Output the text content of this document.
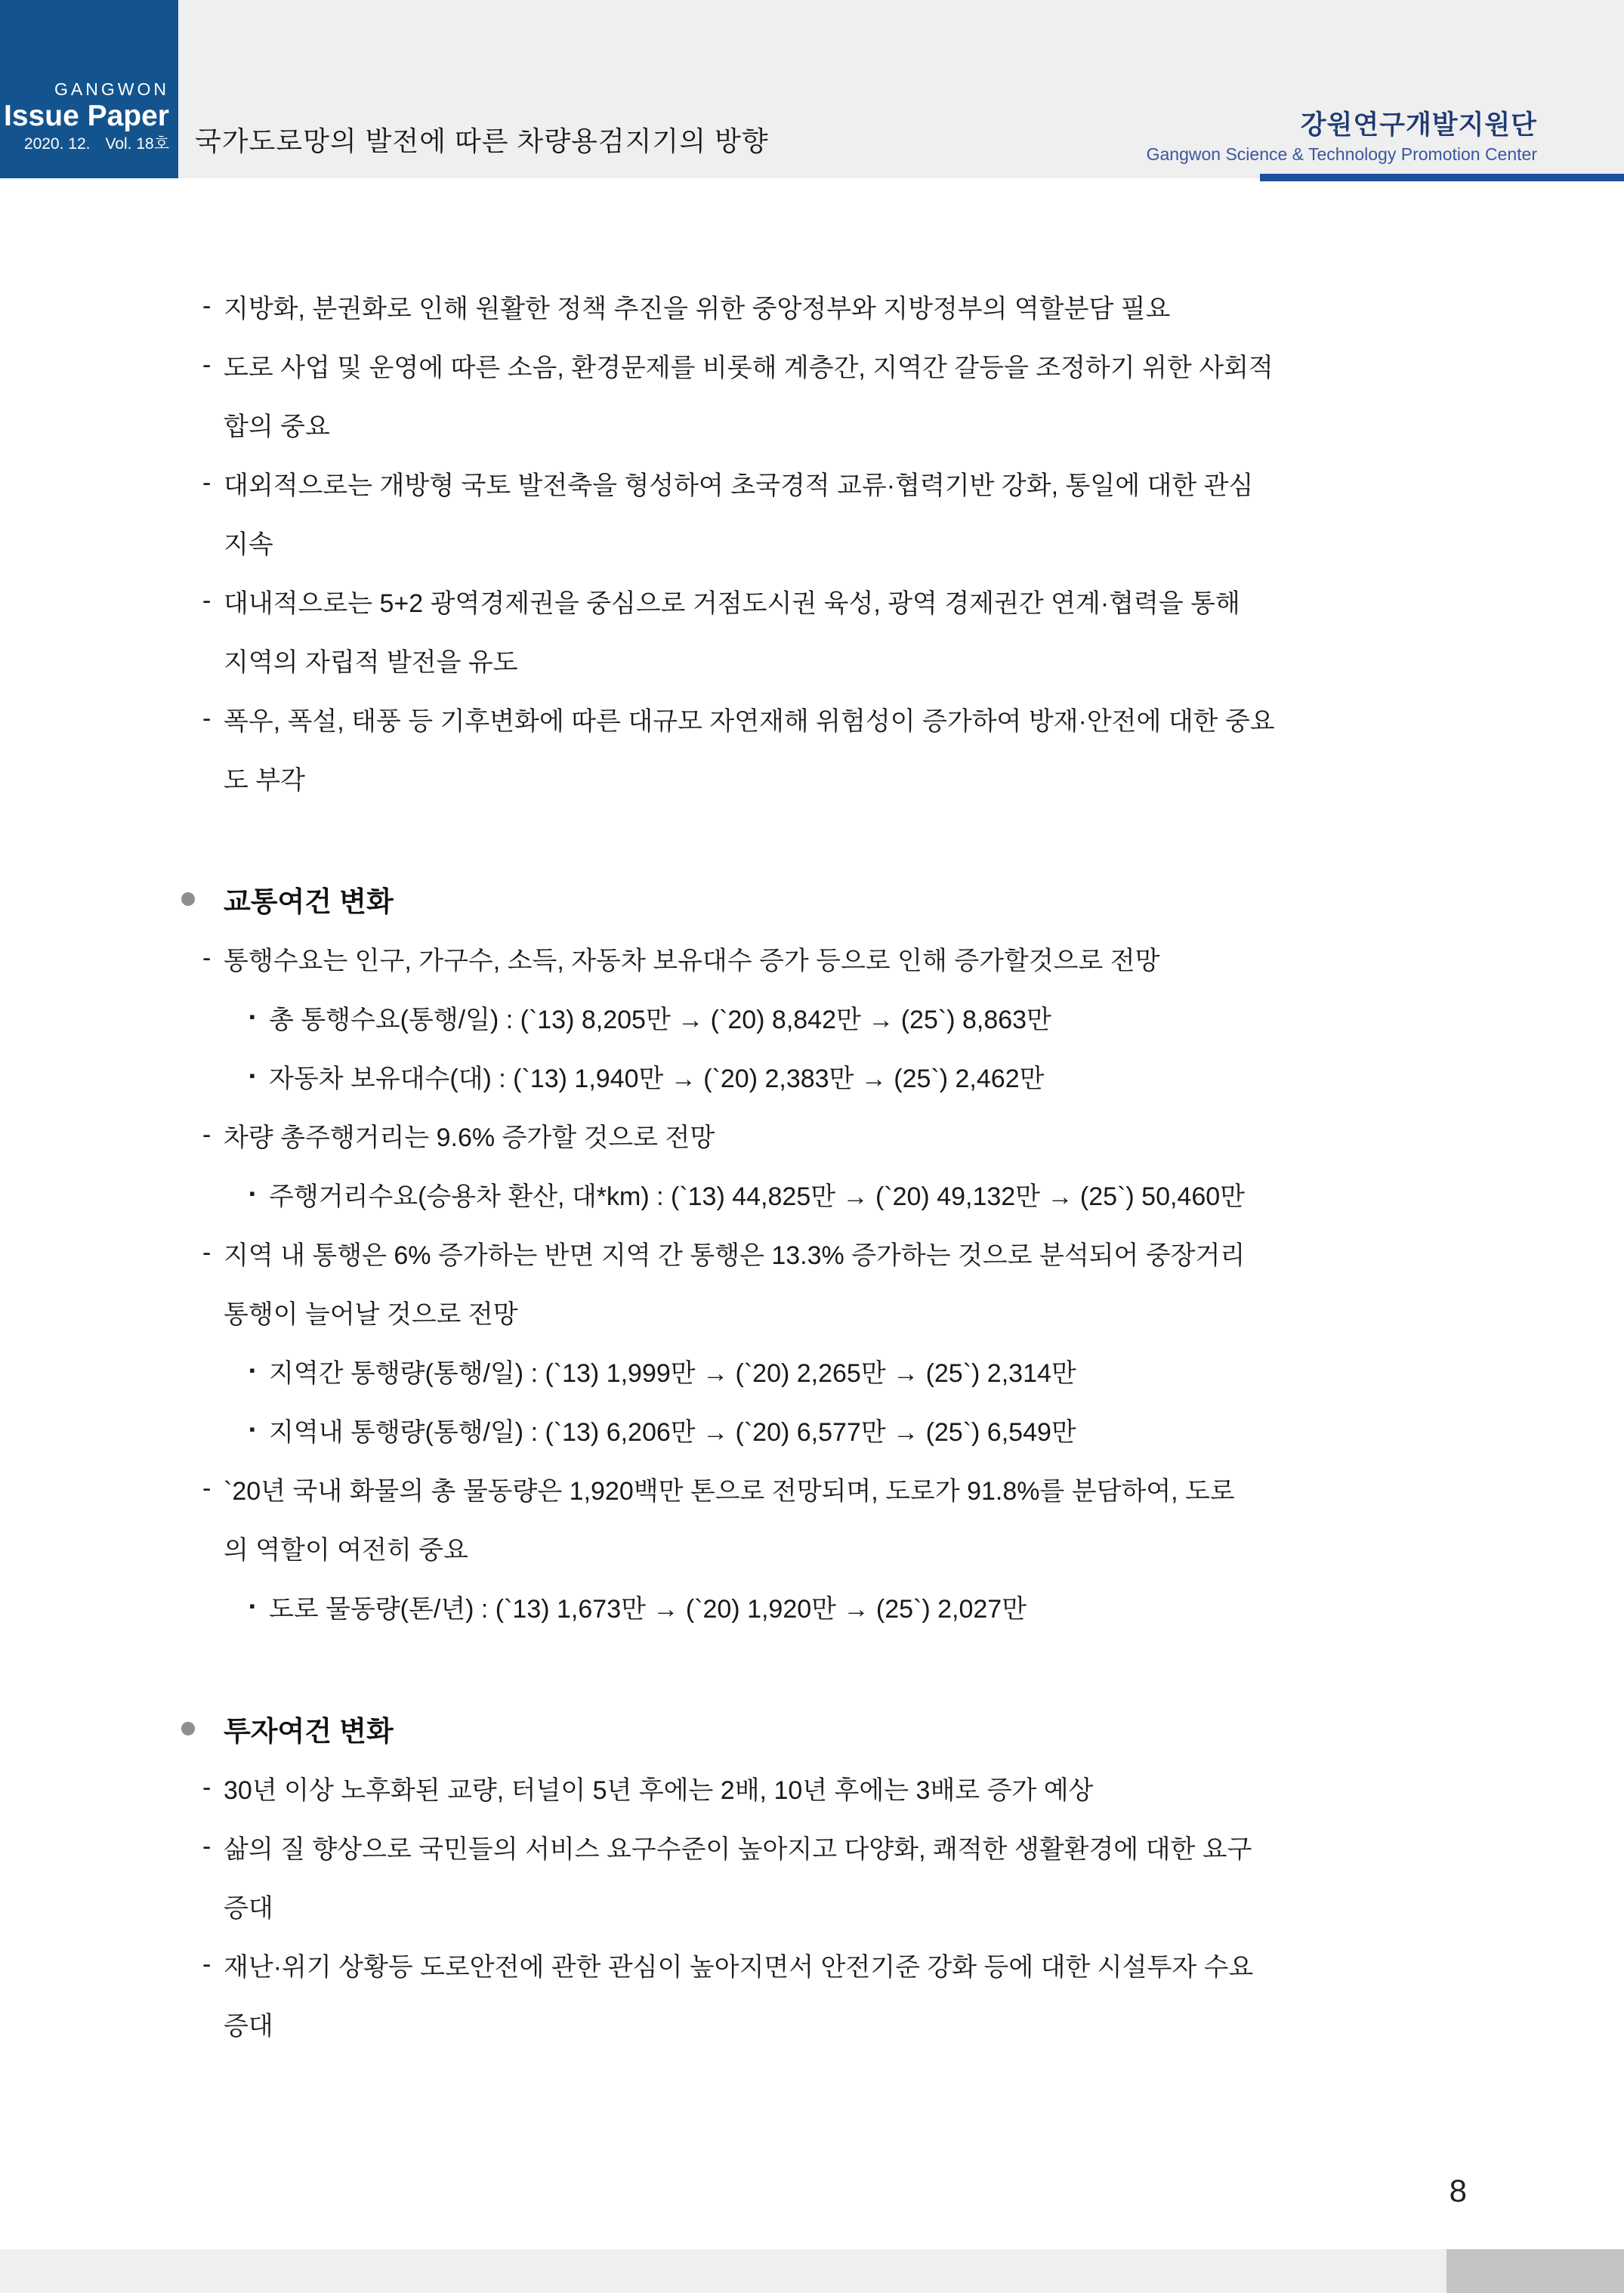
GANGWON
Issue Paper
2020. 12. Vol. 18호 국가도로망의 발전에 따른 차량용검지기의 방향
강원연구개발지원단
Gangwon Science & Technology Promotion Center
- 지방화, 분권화로 인해 원활한 정책 추진을 위한 중앙정부와 지방정부의 역할분담 필요
- 도로 사업 및 운영에 따른 소음, 환경문제를 비롯해 계층간, 지역간 갈등을 조정하기 위한 사회적
합의 중요
- 대외적으로는 개방형 국토 발전축을 형성하여 초국경적 교류·협력기반 강화, 통일에 대한 관심
지속
- 대내적으로는 5+2 광역경제권을 중심으로 거점도시권 육성, 광역 경제권간 연계·협력을 통해
지역의 자립적 발전을 유도
- 폭우, 폭설, 태풍 등 기후변화에 따른 대규모 자연재해 위험성이 증가하여 방재·안전에 대한 중요
도 부각
교통여건 변화
- 통행수요는 인구, 가구수, 소득, 자동차 보유대수 증가 등으로 인해 증가할것으로 전망
▪ 총 통행수요(통행/일) : (`13) 8,205만 → (`20) 8,842만 → (25`) 8,863만
▪ 자동차 보유대수(대) : (`13) 1,940만 → (`20) 2,383만 → (25`) 2,462만
- 차량 총주행거리는 9.6% 증가할 것으로 전망
▪ 주행거리수요(승용차 환산, 대*km) : (`13) 44,825만 → (`20) 49,132만 → (25`) 50,460만
- 지역 내 통행은 6% 증가하는 반면 지역 간 통행은 13.3% 증가하는 것으로 분석되어 중장거리
통행이 늘어날 것으로 전망
▪ 지역간 통행량(통행/일) : (`13) 1,999만 → (`20) 2,265만 → (25`) 2,314만
▪ 지역내 통행량(통행/일) : (`13) 6,206만 → (`20) 6,577만 → (25`) 6,549만
- `20년 국내 화물의 총 물동량은 1,920백만 톤으로 전망되며, 도로가 91.8%를 분담하여, 도로
의 역할이 여전히 중요
▪ 도로 물동량(톤/년) : (`13) 1,673만 → (`20) 1,920만 → (25`) 2,027만
투자여건 변화
- 30년 이상 노후화된 교량, 터널이 5년 후에는 2배, 10년 후에는 3배로 증가 예상
- 삶의 질 향상으로 국민들의 서비스 요구수준이 높아지고 다양화, 쾌적한 생활환경에 대한 요구
증대
- 재난·위기 상황등 도로안전에 관한 관심이 높아지면서 안전기준 강화 등에 대한 시설투자 수요
증대
8
